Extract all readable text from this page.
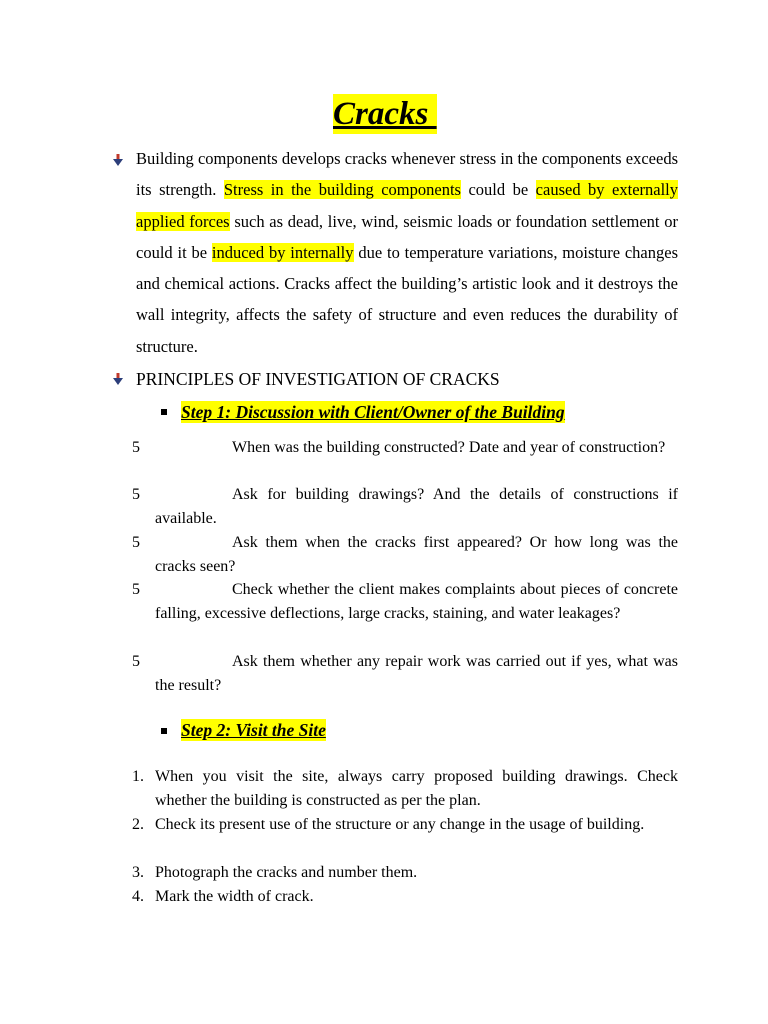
Cracks
Building components develops cracks whenever stress in the components exceeds its strength. Stress in the building components could be caused by externally applied forces such as dead, live, wind, seismic loads or foundation settlement or could it be induced by internally due to temperature variations, moisture changes and chemical actions. Cracks affect the building’s artistic look and it destroys the wall integrity, affects the safety of structure and even reduces the durability of structure.
PRINCIPLES OF INVESTIGATION OF CRACKS
Step 1: Discussion with Client/Owner of the Building
5	When was the building constructed? Date and year of construction?
5	Ask for building drawings? And the details of constructions if available.
5	Ask them when the cracks first appeared? Or how long was the cracks seen?
5	Check whether the client makes complaints about pieces of concrete falling, excessive deflections, large cracks, staining, and water leakages?
5	Ask them whether any repair work was carried out if yes, what was the result?
Step 2: Visit the Site
1. When you visit the site, always carry proposed building drawings. Check whether the building is constructed as per the plan.
2. Check its present use of the structure or any change in the usage of building.
3. Photograph the cracks and number them.
4. Mark the width of crack.
